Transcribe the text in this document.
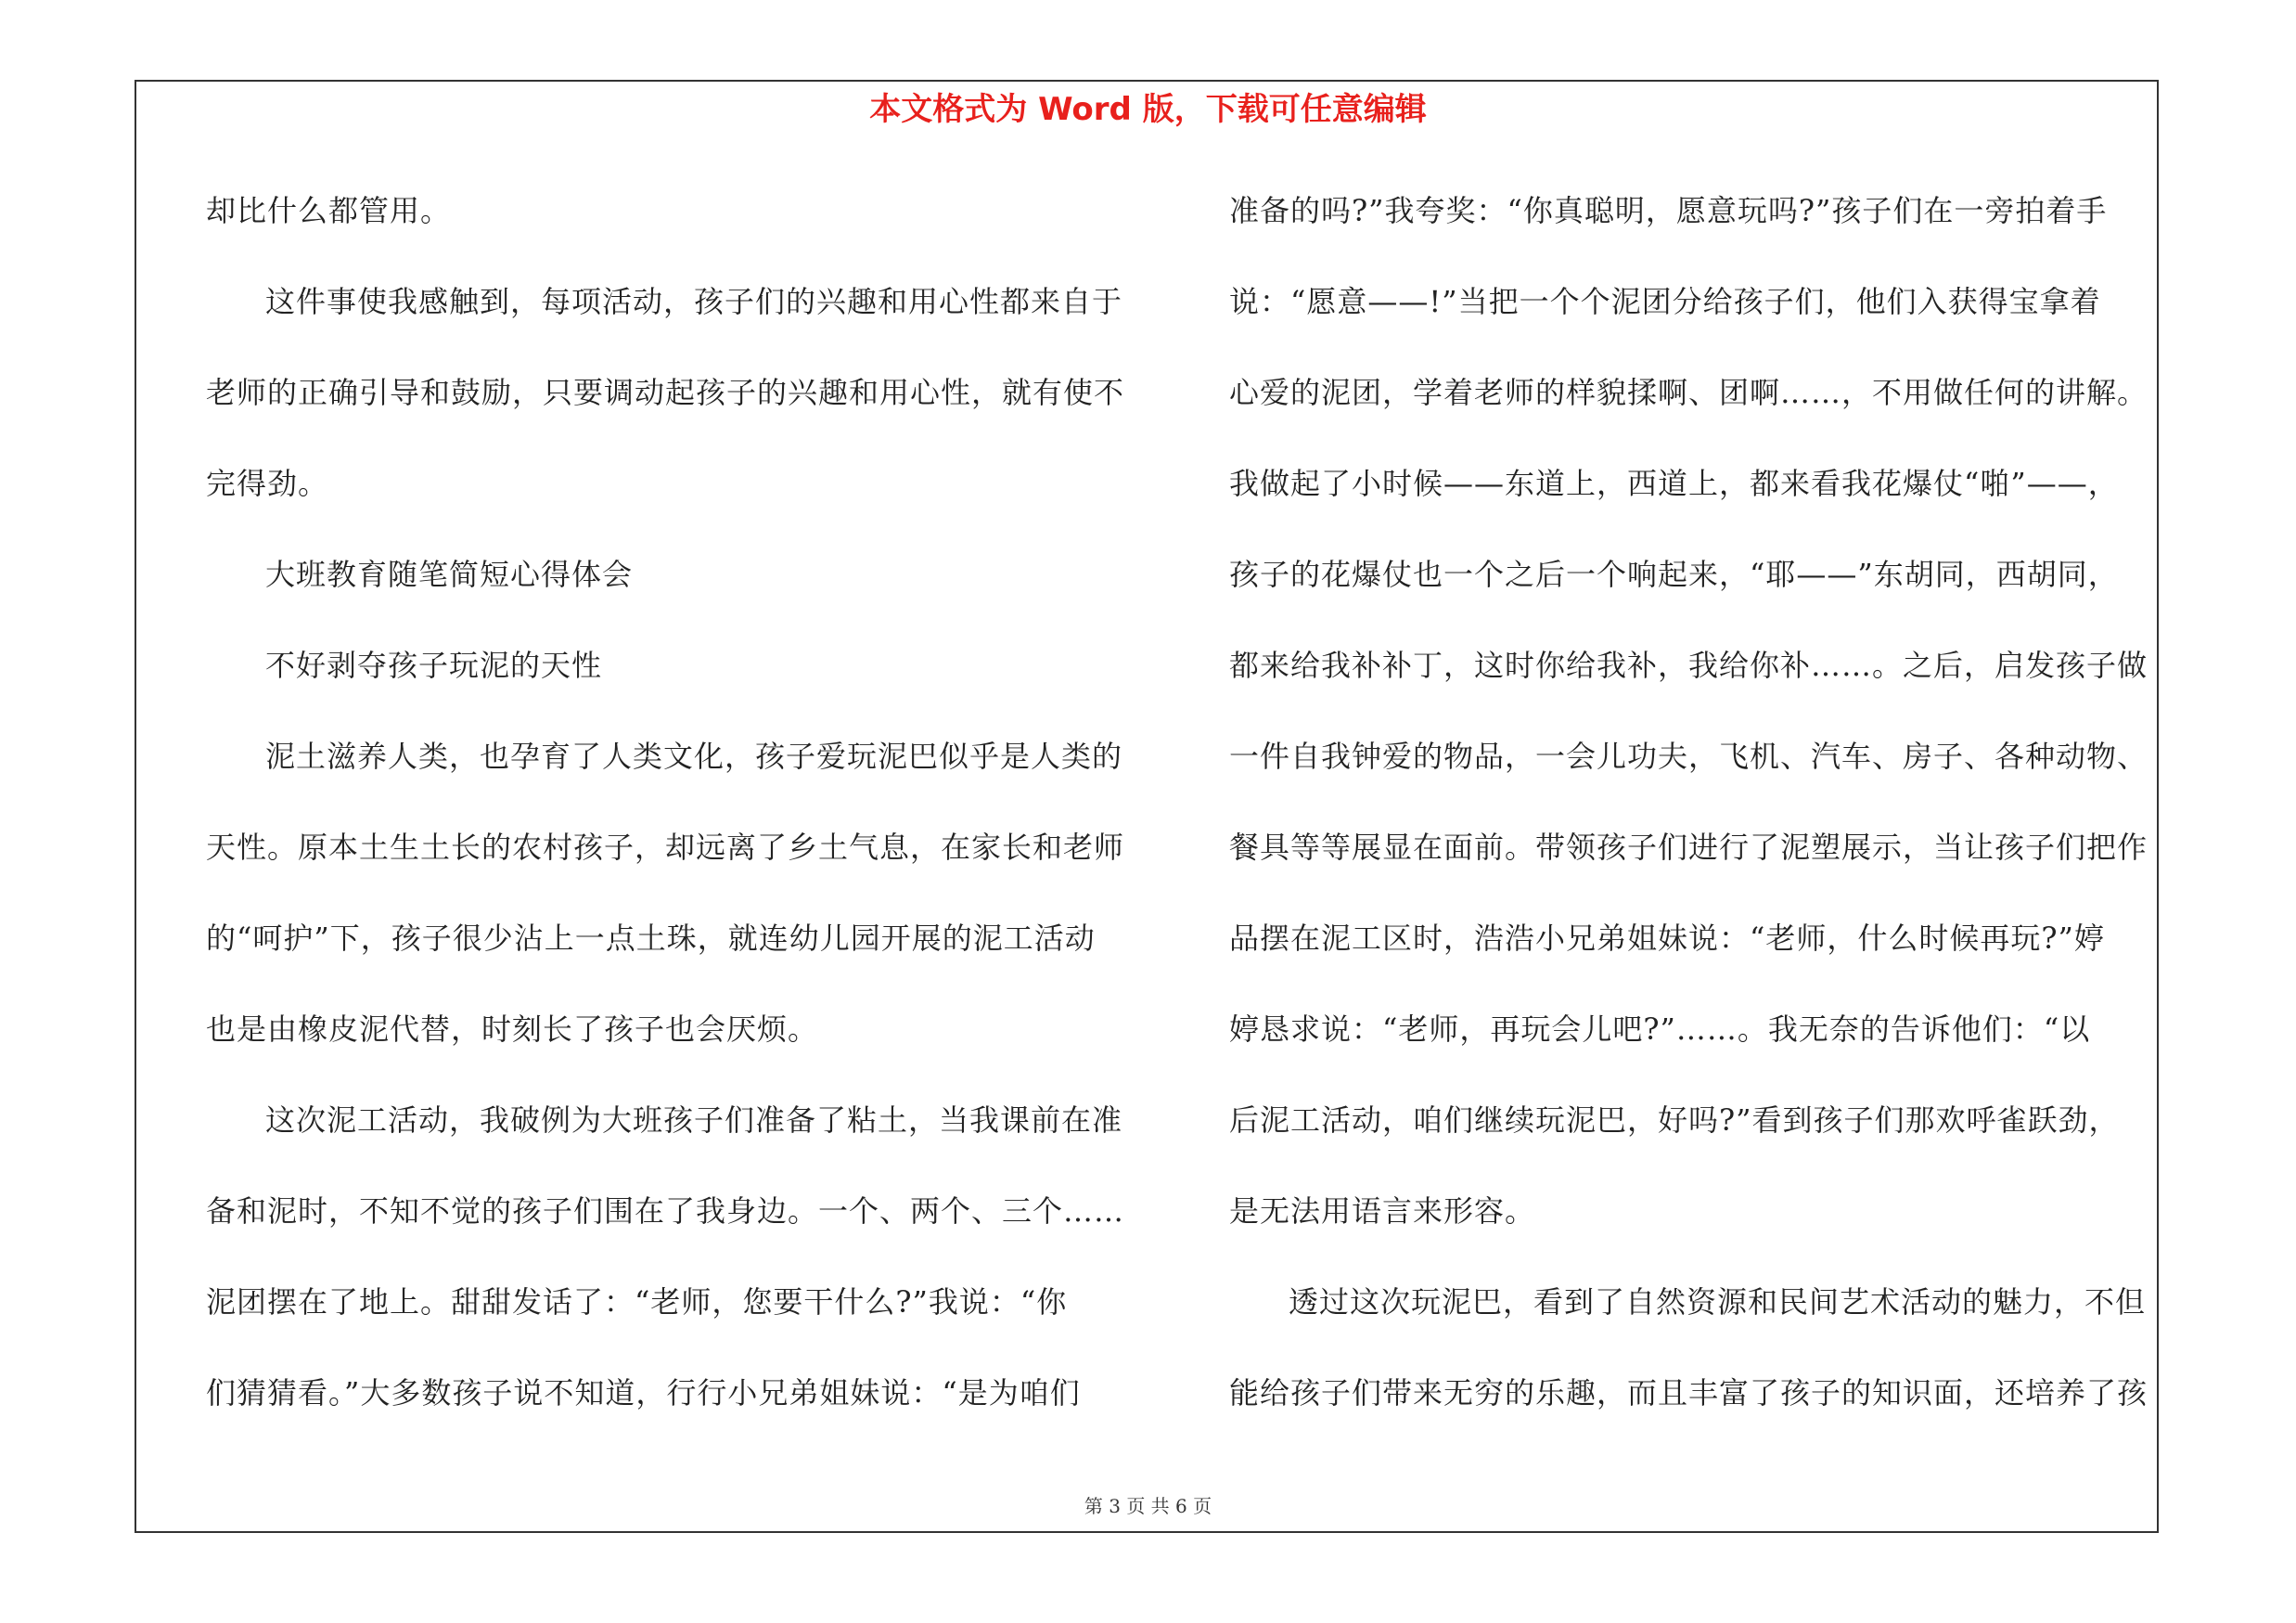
本文格式为 Word 版，下载可任意编辑
却比什么都管用。
这件事使我感触到，每项活动，孩子们的兴趣和用心性都来自于
老师的正确引导和鼓励，只要调动起孩子的兴趣和用心性，就有使不
完得劲。
大班教育随笔简短心得体会
不好剥夺孩子玩泥的天性
泥土滋养人类，也孕育了人类文化，孩子爱玩泥巴似乎是人类的
天性。原本土生土长的农村孩子，却远离了乡土气息，在家长和老师
的“呵护”下，孩子很少沾上一点土珠，就连幼儿园开展的泥工活动
也是由橡皮泥代替，时刻长了孩子也会厌烦。
这次泥工活动，我破例为大班孩子们准备了粘土，当我课前在准
备和泥时，不知不觉的孩子们围在了我身边。一个、两个、三个……
泥团摆在了地上。甜甜发话了：“老师，您要干什么?”我说：“你
们猜猜看。”大多数孩子说不知道，行行小兄弟姐妹说：“是为咱们
准备的吗?”我夸奖：“你真聪明，愿意玩吗?”孩子们在一旁拍着手
说：“愿意——!”当把一个个泥团分给孩子们，他们入获得宝拿着
心爱的泥团，学着老师的样貌揉啊、团啊……，不用做任何的讲解。
我做起了小时候——东道上，西道上，都来看我花爆仗“啪”——，
孩子的花爆仗也一个之后一个响起来，“耶——”东胡同，西胡同，
都来给我补补丁，这时你给我补，我给你补……。之后，启发孩子做
一件自我钟爱的物品，一会儿功夫，飞机、汽车、房子、各种动物、
餐具等等展显在面前。带领孩子们进行了泥塑展示，当让孩子们把作
品摆在泥工区时，浩浩小兄弟姐妹说：“老师，什么时候再玩?”婷
婷恳求说：“老师，再玩会儿吧?”……。我无奈的告诉他们：“以
后泥工活动，咱们继续玩泥巴，好吗?”看到孩子们那欢呼雀跃劲，
是无法用语言来形容。
透过这次玩泥巴，看到了自然资源和民间艺术活动的魅力，不但
能给孩子们带来无穷的乐趣，而且丰富了孩子的知识面，还培养了孩
第 3 页 共 6 页
